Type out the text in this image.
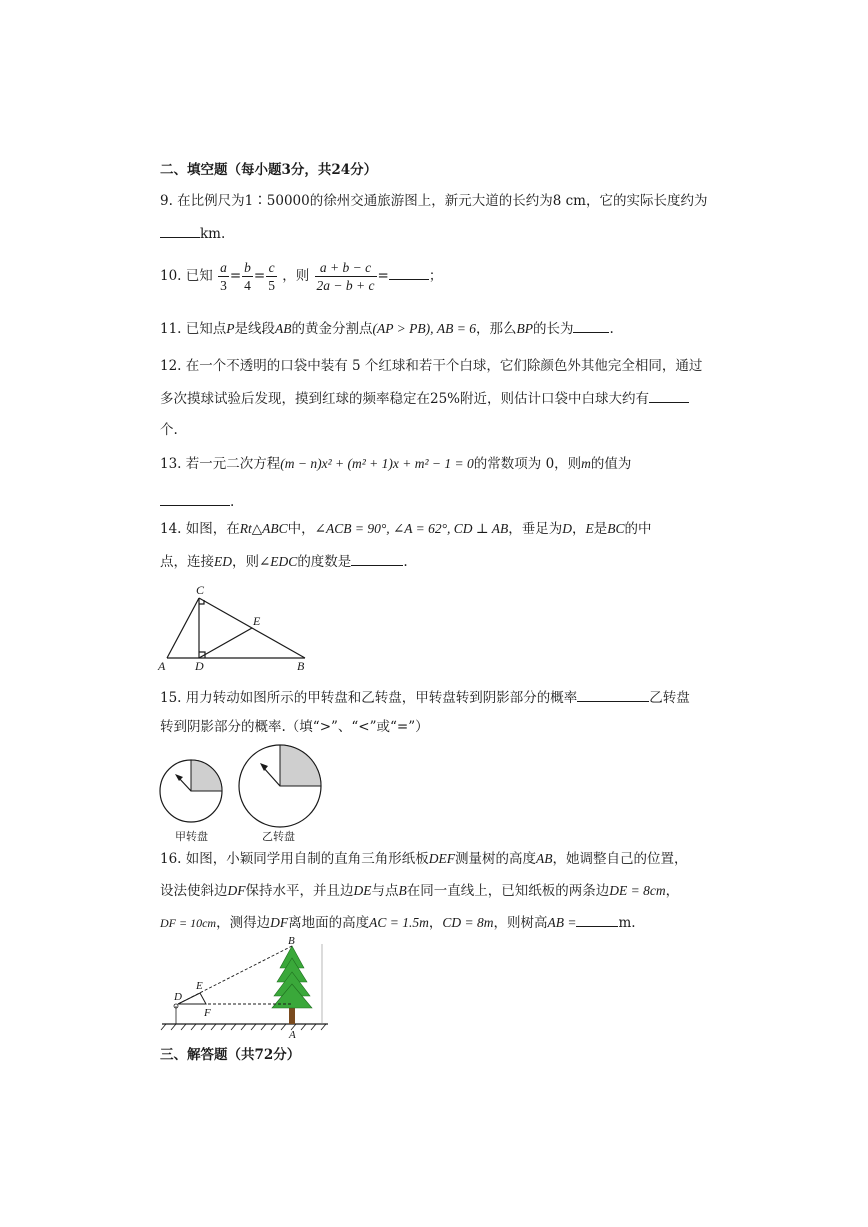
二、填空题（每小题3分，共24分）
9. 在比例尺为1∶50000的徐州交通旅游图上，新元大道的长约为8 cm，它的实际长度约为
km.
10. 已知 $\frac{a}{3} = \frac{b}{4} = \frac{c}{5}$ ，则 $\frac{a + b - c}{2a - b + c}$ =	；
11. 已知点P是线段AB的黄金分割点(AP > PB), AB = 6，那么BP的长为	.
12. 在一个不透明的口袋中装有 5 个红球和若干个白球，它们除颜色外其他完全相同，通过
多次摸球试验后发现，摸到红球的频率稳定在25%附近，则估计口袋中白球大约有
个.
13. 若一元二次方程(m − n)x² + (m² + 1)x + m² − 1 = 0的常数项为 0，则m的值为
.
14. 如图，在Rt△ABC中，∠ACB = 90°, ∠A = 62°, CD ⊥ AB，垂足为D，E是BC的中
点，连接ED，则∠EDC的度数是	.
A	B
C
D
E
15. 用力转动如图所示的甲转盘和乙转盘，甲转盘转到阴影部分的概率	乙转盘
转到阴影部分的概率.（填“>”、“<”或“=”）
甲转盘	乙转盘
16. 如图，小颖同学用自制的直角三角形纸板DEF测量树的高度AB，她调整自己的位置，
设法使斜边DF保持水平，并且边DE与点B在同一直线上，已知纸板的两条边DE = 8cm，
DF = 10cm，测得边DF离地面的高度AC = 1.5m，CD = 8m，则树高AB =	m.
B
D
E
F
A
三、解答题（共72分）
